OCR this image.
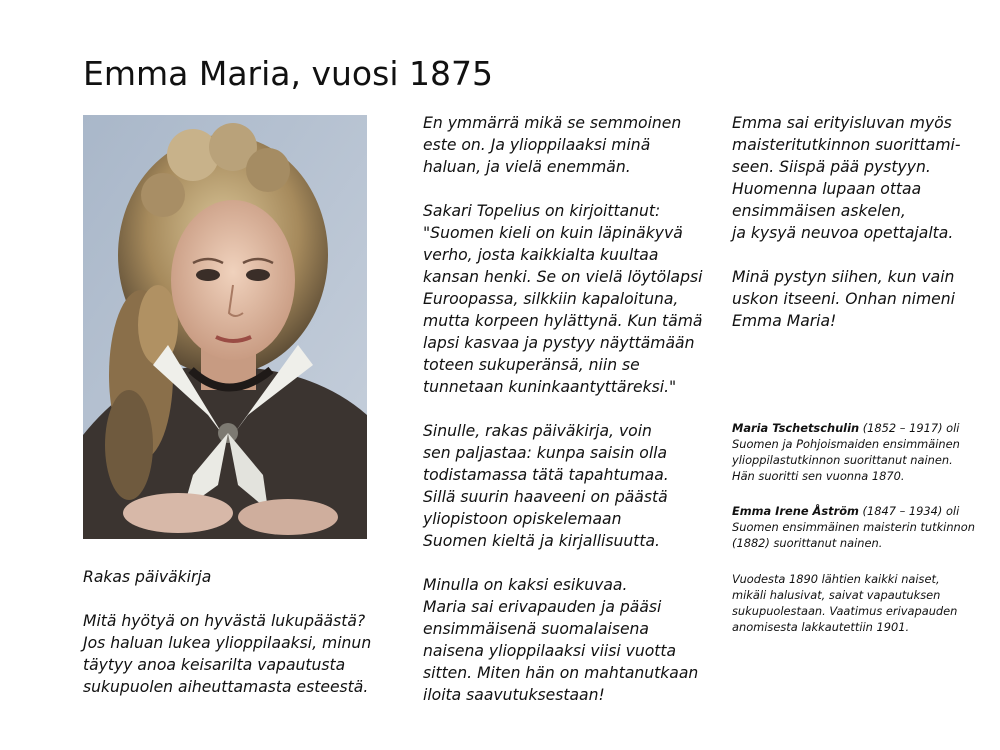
Emma Maria, vuosi 1875

Rakas päiväkirja

Mitä hyötyä on hyvästä lukupäästä?

Jos haluan lukea ylioppilaaksi, minun

täytyy anoa keisarilta vapautusta

sukupuolen aiheuttamasta esteestä.

En ymmärrä mikä se semmoinen

este on. Ja ylioppilaaksi minä

haluan, ja vielä enemmän.

Sakari Topelius on kirjoittanut:

"Suomen kieli on kuin läpinäkyvä

verho, josta kaikkialta kuultaa

kansan henki. Se on vielä löytölapsi

Euroopassa, silkkiin kapaloituna,

mutta korpeen hylättynä. Kun tämä

lapsi kasvaa ja pystyy näyttämään

toteen sukuperänsä, niin se

tunnetaan kuninkaantyttäreksi."

Sinulle, rakas päiväkirja, voin

sen paljastaa: kunpa saisin olla

todistamassa tätä tapahtumaa.

Sillä suurin haaveeni on päästä

yliopistoon opiskelemaan

Suomen kieltä ja kirjallisuutta.

Minulla on kaksi esikuvaa.

Maria sai erivapauden ja pääsi

ensimmäisenä suomalaisena

naisena ylioppilaaksi viisi vuotta

sitten. Miten hän on mahtanutkaan

iloita saavutuksestaan!

Emma sai erityisluvan myös

maisteritutkinnon suorittami-

seen. Siispä pää pystyyn.

Huomenna lupaan ottaa

ensimmäisen askelen,

ja kysyä neuvoa opettajalta.

Minä pystyn siihen, kun vain

uskon itseeni. Onhan nimeni

Emma Maria!

Maria Tschetschulin (1852 – 1917) oli

Suomen ja Pohjoismaiden ensimmäinen

ylioppilastutkinnon suorittanut nainen.

Hän suoritti sen vuonna 1870.

Emma Irene Åström (1847 – 1934) oli

Suomen ensimmäinen maisterin tutkinnon

(1882) suorittanut nainen.

Vuodesta 1890 lähtien kaikki naiset,

mikäli halusivat, saivat vapautuksen

sukupuolestaan. Vaatimus erivapauden

anomisesta lakkautettiin 1901.
